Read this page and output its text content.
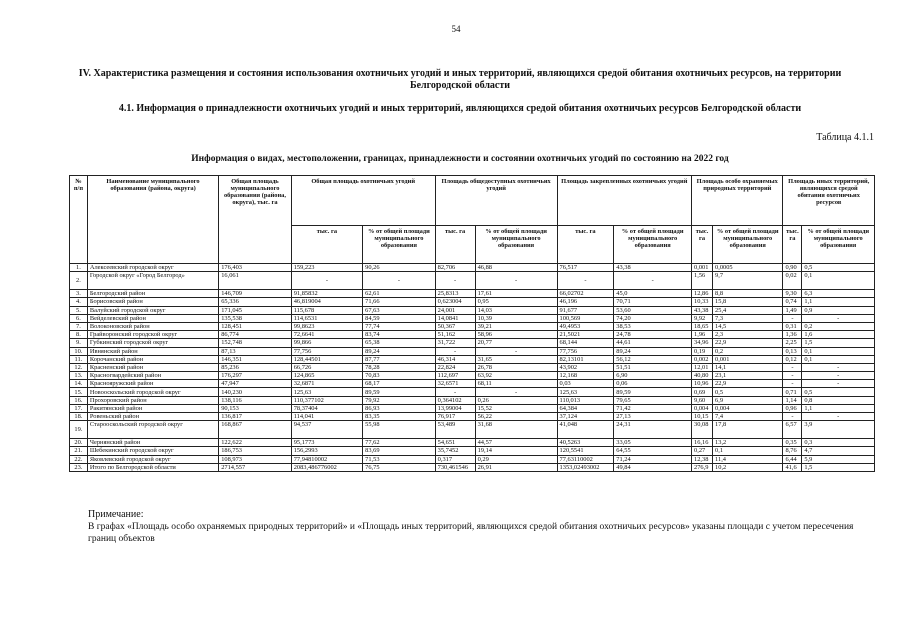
54
IV. Характеристика размещения и состояния использования охотничьих угодий и иных территорий, являющихся средой обитания охотничьих ресурсов, на территории Белгородской области
4.1. Информация о принадлежности охотничьих угодий и иных территорий, являющихся средой обитания охотничьих ресурсов Белгородской области
Таблица 4.1.1
Информация о видах, местоположении, границах, принадлежности и состоянии охотничьих угодий по состоянию на 2022 год
№ п/п	Наименование муниципального образования (района, округа)	Общая площадь муниципального образования (района, округа), тыс. га	Общая площадь охотничьих угодий		Площадь общедоступных охотничьих угодий		Площадь закрепленных охотничьих угодий		Площадь особо охраняемых природных территорий		Площадь иных территорий, являющихся средой обитания охотничьих ресурсов	
			тыс. га	% от общей площади муниципального образования	тыс. га	% от общей площади муниципального образования	тыс. га	% от общей площади муниципального образования	тыс. га	% от общей площади муниципального образования	тыс. га	% от общей площади муниципального образования
1.	Алексеевский городской округ	176,403	159,223	90,26	82,706	46,88	76,517	43,38	0,001	0,0005	0,90	0,5
2.	Городской округ «Город Белгород»	16,061	-	-	-	-	-	-	1,56	9,7	0,02	0,1
3.	Белгородский район	146,709	91,85832	62,61	25,8313	17,61	66,02702	45,0	12,86	8,8	9,30	6,3
4.	Борисовский район	65,336	46,819004	71,66	0,623004	0,95	46,196	70,71	10,33	15,8	0,74	1,1
5.	Валуйский городской округ	171,045	115,678	67,63	24,001	14,03	91,677	53,60	43,38	25,4	1,49	0,9
6.	Вейделевский район	135,538	114,6531	84,59	14,0841	10,39	100,569	74,20	9,92	7,3	-	-
7.	Волоконовский район	128,451	99,8623	77,74	50,367	39,21	49,4953	38,53	18,65	14,5	0,31	0,2
8.	Грайворонский городской округ	86,774	72,6641	83,74	51,162	58,96	21,5021	24,78	1,96	2,3	1,36	1,6
9.	Губкинский городской округ	152,748	99,866	65,38	31,722	20,77	68,144	44,61	34,96	22,9	2,25	1,5
10.	Ивнянский район	87,13	77,756	89,24	-	-	77,756	89,24	0,19	0,2	0,13	0,1
11.	Корочанский район	146,351	128,44501	87,77	46,314	31,65	82,13101	56,12	0,002	0,001	0,12	0,1
12.	Красненский район	85,236	66,726	78,28	22,824	26,78	43,902	51,51	12,01	14,1	-	-
13.	Красногвардейский район	176,297	124,865	70,83	112,697	63,92	12,168	6,90	40,80	23,1	-	-
14.	Краснояружский район	47,947	32,6871	68,17	32,6571	68,11	0,03	0,06	10,96	22,9	-	-
15.	Новооскольский городской округ	140,230	125,63	89,59	-	-	125,63	89,59	0,69	0,5	0,71	0,5
16.	Прохоровский район	138,116	110,377102	79,92	0,364102	0,26	110,013	79,65	9,60	6,9	1,14	0,8
17.	Ракитянский район	90,153	78,37404	86,93	13,99004	15,52	64,384	71,42	0,004	0,004	0,96	1,1
18.	Ровеньский район	136,817	114,041	83,35	76,917	56,22	37,124	27,13	10,15	7,4	-	-
19.	Старооскольский городской округ	168,867	94,537	55,98	53,489	31,68	41,048	24,31	30,08	17,8	6,57	3,9
20.	Чернянский район	122,622	95,1773	77,62	54,651	44,57	40,5263	33,05	16,16	13,2	0,35	0,3
21.	Шебекинский городской округ	186,753	156,2993	83,69	35,7452	19,14	120,5541	64,55	0,27	0,1	8,76	4,7
22.	Яковлевский городской округ	108,973	77,94810002	71,53	0,317	0,29	77,63110002	71,24	12,38	11,4	6,44	5,9
23.	Итого по Белгородской области	2714,557	2083,486776002	76,75	730,461546	26,91	1353,02493002	49,84	276,9	10,2	41,6	1,5
Примечание:
В графах «Площадь особо охраняемых природных территорий» и «Площадь иных территорий, являющихся средой обитания охотничьих ресурсов» указаны площади с учетом пересечения границ объектов
